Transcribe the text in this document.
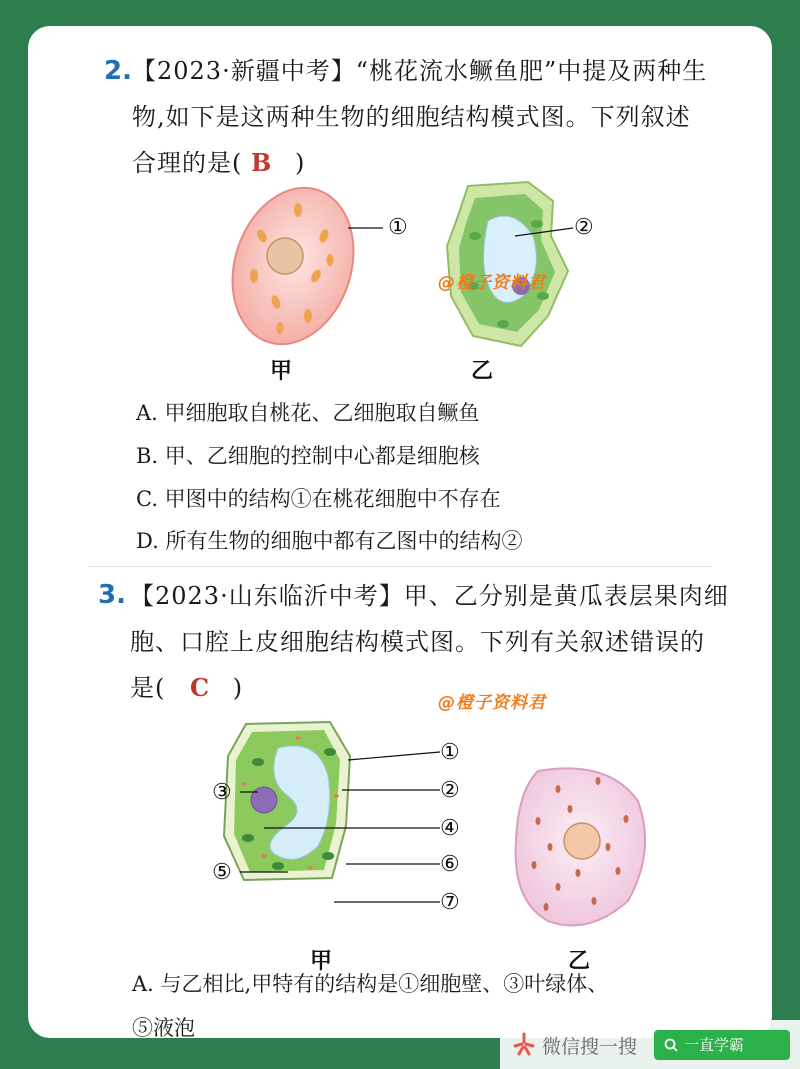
2. 【2023·新疆中考】“桃花流水鳜鱼肥”中提及两种生
物,如下是这两种生物的细胞结构模式图。下列叙述
合理的是( B )
①	②
@橙子资料君
甲	乙
A. 甲细胞取自桃花、乙细胞取自鳜鱼
B. 甲、乙细胞的控制中心都是细胞核
C. 甲图中的结构①在桃花细胞中不存在
D. 所有生物的细胞中都有乙图中的结构②
3. 【2023·山东临沂中考】甲、乙分别是黄瓜表层果肉细
胞、口腔上皮细胞结构模式图。下列有关叙述错误的
是( C )
@橙子资料君
①
②
③
④
⑤	⑥
⑦
甲	乙
A. 与乙相比,甲特有的结构是①细胞壁、③叶绿体、
⑤液泡
微信搜一搜	一直学霸
